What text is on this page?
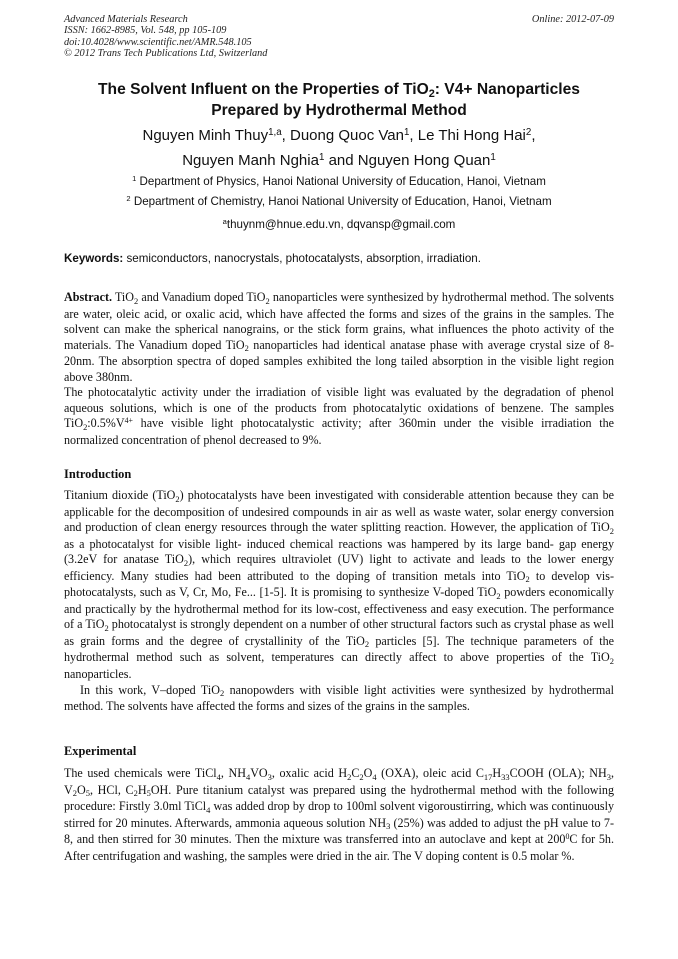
Advanced Materials Research
ISSN: 1662-8985, Vol. 548, pp 105-109
doi:10.4028/www.scientific.net/AMR.548.105
© 2012 Trans Tech Publications Ltd, Switzerland
Online: 2012-07-09
The Solvent Influent on the Properties of TiO$_2$: V4+ Nanoparticles
Prepared by Hydrothermal Method
Nguyen Minh Thuy$^{1,a}$, Duong Quoc Van$^1$, Le Thi Hong Hai$^2$,
Nguyen Manh Nghia$^1$ and Nguyen Hong Quan$^1$
$^1$ Department of Physics, Hanoi National University of Education, Hanoi, Vietnam
$^2$ Department of Chemistry, Hanoi National University of Education, Hanoi, Vietnam
$^a$thuynm@hnue.edu.vn, dqvansp@gmail.com
Keywords: semiconductors, nanocrystals, photocatalysts, absorption, irradiation.

Abstract. TiO$_2$ and Vanadium doped TiO$_2$ nanoparticles were synthesized by hydrothermal method. The solvents are water, oleic acid, or oxalic acid, which have affected the forms and sizes of the grains in the samples. The solvent can make the spherical nanograins, or the stick form grains, what influences the photo activity of the materials. The Vanadium doped TiO$_2$ nanoparticles had identical anatase phase with average crystal size of 8-20nm. The absorption spectra of doped samples exhibited the long tailed absorption in the visible light region above 380nm.

The photocatalytic activity under the irradiation of visible light was evaluated by the degradation of phenol aqueous solutions, which is one of the products from photocatalytic oxidations of benzene. The samples $TiO_2:0.5\%V^{4+}$ have visible light photocatalystic activity; after 360min under the visible irradiation the normalized concentration of phenol decreased to 9%.

Introduction

Titanium dioxide (TiO$_2$) photocatalysts have been investigated with considerable attention because they can be applicable for the decomposition of undesired compounds in air as well as waste water, solar energy conversion and production of clean energy resources through the water splitting reaction. However, the application of TiO$_2$ as a photocatalyst for visible light- induced chemical reactions was hampered by its large band- gap energy (3.2eV for anatase TiO$_2$), which requires ultraviolet (UV) light to activate and leads to the lower energy efficiency. Many studies had been attributed to the doping of transition metals into TiO$_2$ to develop vis- photocatalysts, such as V, Cr, Mo, Fe... [1-5]. It is promising to synthesize V-doped TiO$_2$ powders economically and practically by the hydrothermal method for its low-cost, effectiveness and easy execution. The performance of a TiO$_2$ photocatalyst is strongly dependent on a number of other structural factors such as crystal phase as well as grain forms and the degree of crystallinity of the TiO$_2$ particles [5]. The technique parameters of the hydrothermal method such as solvent, temperatures can directly affect to above properties of the TiO$_2$ nanoparticles.

In this work, V–doped TiO$_2$ nanopowders with visible light activities were synthesized by hydrothermal method. The solvents have affected the forms and sizes of the grains in the samples.

Experimental

The used chemicals were TiCl$_4$, $NH_4VO_3$, oxalic acid $H_2C_2O_4$ (OXA), oleic acid $C_{17}H_{33}COOH$ (OLA); $NH_3$, $V_2O_5$, HCl, $C_2H_5OH$. Pure titanium catalyst was prepared using the hydrothermal method with the following procedure: Firstly 3.0ml TiCl$_4$ was added drop by drop to 100ml solvent vigoroustirring, which was continuously stirred for 20 minutes. Afterwards, ammonia aqueous solution $NH_3$ (25%) was added to adjust the pH value to 7-8, and then stirred for 30 minutes. Then the mixture was transferred into an autoclave and kept at $200^0C$ for 5h. After centrifugation and washing, the samples were dried in the air. The V doping content is 0.5 molar %.
